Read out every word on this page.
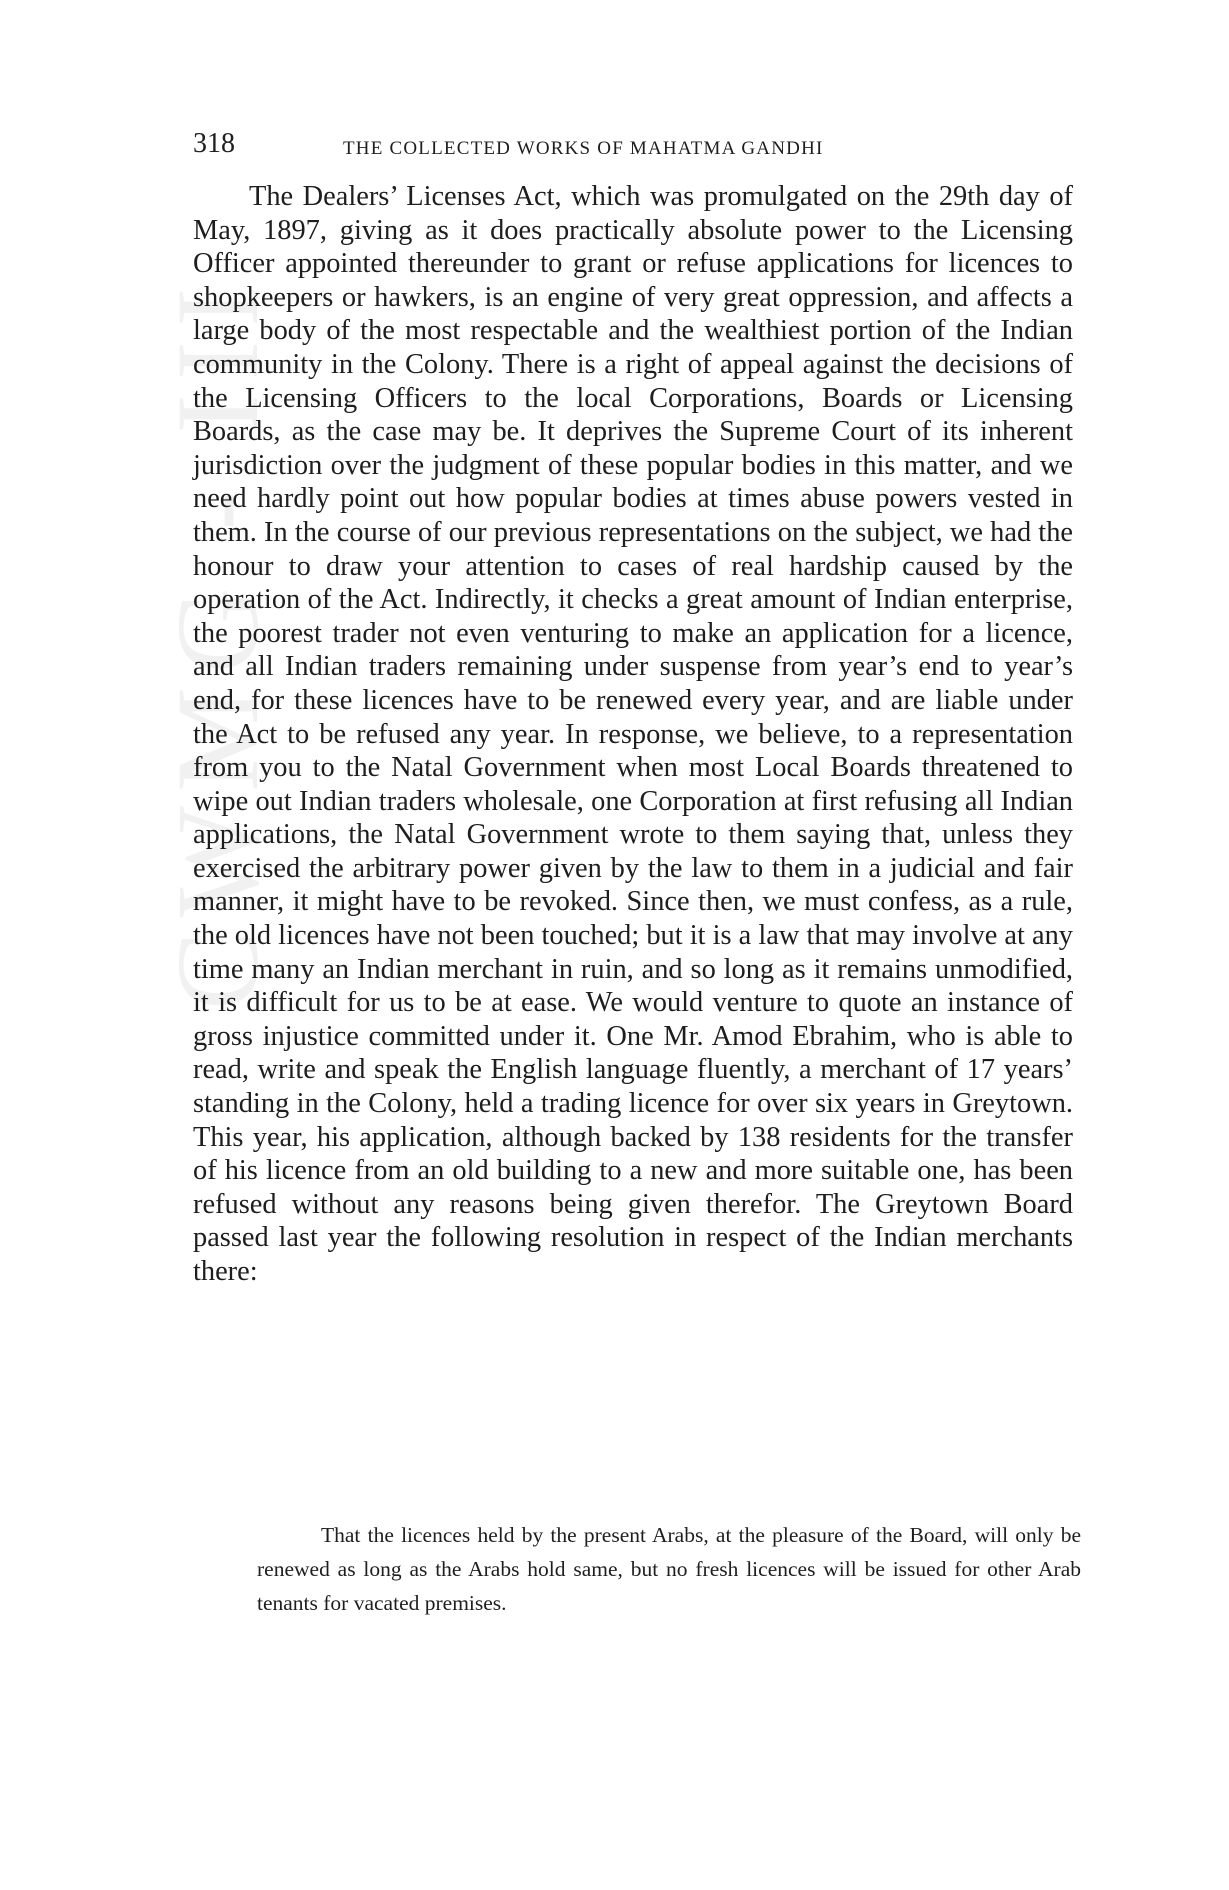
CWMG - III
318	THE COLLECTED WORKS OF MAHATMA GANDHI

The Dealers’ Licenses Act, which was promulgated on the 29th day of May, 1897, giving as it does practically absolute power to the Licensing Officer appointed thereunder to grant or refuse applications for licences to shopkeepers or hawkers, is an engine of very great oppression, and affects a large body of the most respectable and the wealthiest portion of the Indian community in the Colony. There is a right of appeal against the decisions of the Licensing Officers to the local Corporations, Boards or Licensing Boards, as the case may be. It deprives the Supreme Court of its inherent jurisdiction over the judgment of these popular bodies in this matter, and we need hardly point out how popular bodies at times abuse powers vested in them. In the course of our previous representations on the subject, we had the honour to draw your attention to cases of real hardship caused by the operation of the Act. Indirectly, it checks a great amount of Indian enterprise, the poorest trader not even venturing to make an application for a licence, and all Indian traders remaining under suspense from year’s end to year’s end, for these licences have to be renewed every year, and are liable under the Act to be refused any year. In response, we believe, to a representation from you to the Natal Government when most Local Boards threatened to wipe out Indian traders wholesale, one Corporation at first refusing all Indian applications, the Natal Government wrote to them saying that, unless they exercised the arbitrary power given by the law to them in a judicial and fair manner, it might have to be revoked. Since then, we must confess, as a rule, the old licences have not been touched; but it is a law that may involve at any time many an Indian merchant in ruin, and so long as it remains unmodified, it is difficult for us to be at ease. We would venture to quote an instance of gross injustice committed under it. One Mr. Amod Ebrahim, who is able to read, write and speak the English language fluently, a merchant of 17 years’ standing in the Colony, held a trading licence for over six years in Greytown. This year, his application, although backed by 138 residents for the transfer of his licence from an old building to a new and more suitable one, has been refused without any reasons being given therefor. The Greytown Board passed last year the following resolution in respect of the Indian merchants there:

That the licences held by the present Arabs, at the pleasure of the Board, will only be renewed as long as the Arabs hold same, but no fresh licences will be issued for other Arab tenants for vacated premises.
